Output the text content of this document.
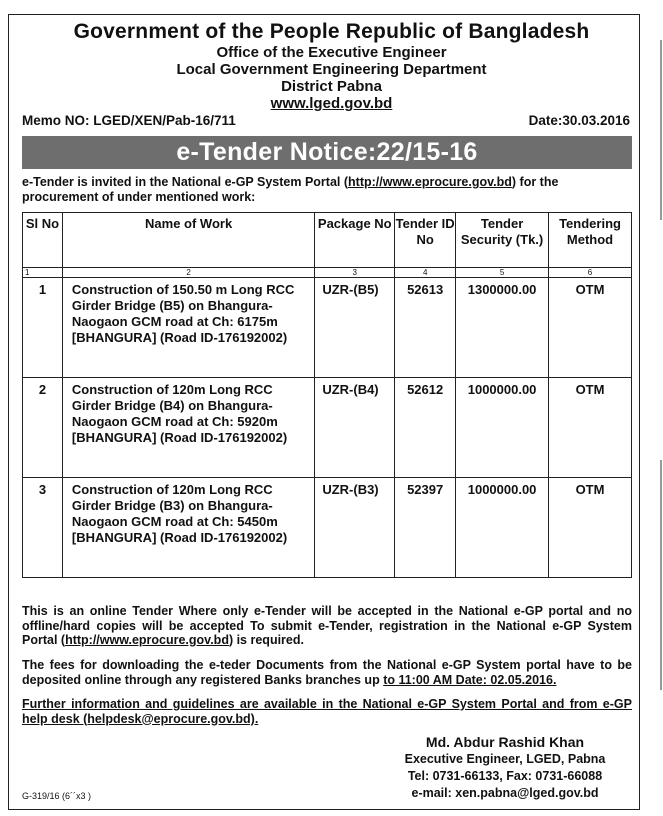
Government of the People Republic of Bangladesh
Office of the Executive Engineer
Local Government Engineering Department
District Pabna
www.lged.gov.bd
Memo NO: LGED/XEN/Pab-16/711	Date:30.03.2016
e-Tender Notice:22/15-16
e-Tender is invited in the National e-GP System Portal (http://www.eprocure.gov.bd) for the procurement of under mentioned work:
Sl No	Name of Work	Package No	Tender ID No	Tender Security (Tk.)	Tendering Method
1	2	3	4	5	6
1	Construction of 150.50 m Long RCC Girder Bridge (B5) on Bhangura-Naogaon GCM road at Ch: 6175m [BHANGURA] (Road ID-176192002)	UZR-(B5)	52613	1300000.00	OTM
2	Construction of 120m Long RCC Girder Bridge (B4) on Bhangura-Naogaon GCM road at Ch: 5920m [BHANGURA] (Road ID-176192002)	UZR-(B4)	52612	1000000.00	OTM
3	Construction of 120m Long RCC Girder Bridge (B3) on Bhangura-Naogaon GCM road at Ch: 5450m [BHANGURA] (Road ID-176192002)	UZR-(B3)	52397	1000000.00	OTM
This is an online Tender Where only e-Tender will be accepted in the National e-GP portal and no offline/hard copies will be accepted To submit e-Tender, registration in the National e-GP System Portal (http://www.eprocure.gov.bd) is required.
The fees for downloading the e-teder Documents from the National e-GP System portal have to be deposited online through any registered Banks branches up to 11:00 AM Date: 02.05.2016.
Further information and guidelines are available in the National e-GP System Portal and from e-GP help desk (helpdesk@eprocure.gov.bd).
Md. Abdur Rashid Khan
Executive Engineer, LGED, Pabna
Tel: 0731-66133, Fax: 0731-66088
e-mail: xen.pabna@lged.gov.bd
G-319/16 (6´´x3 )
